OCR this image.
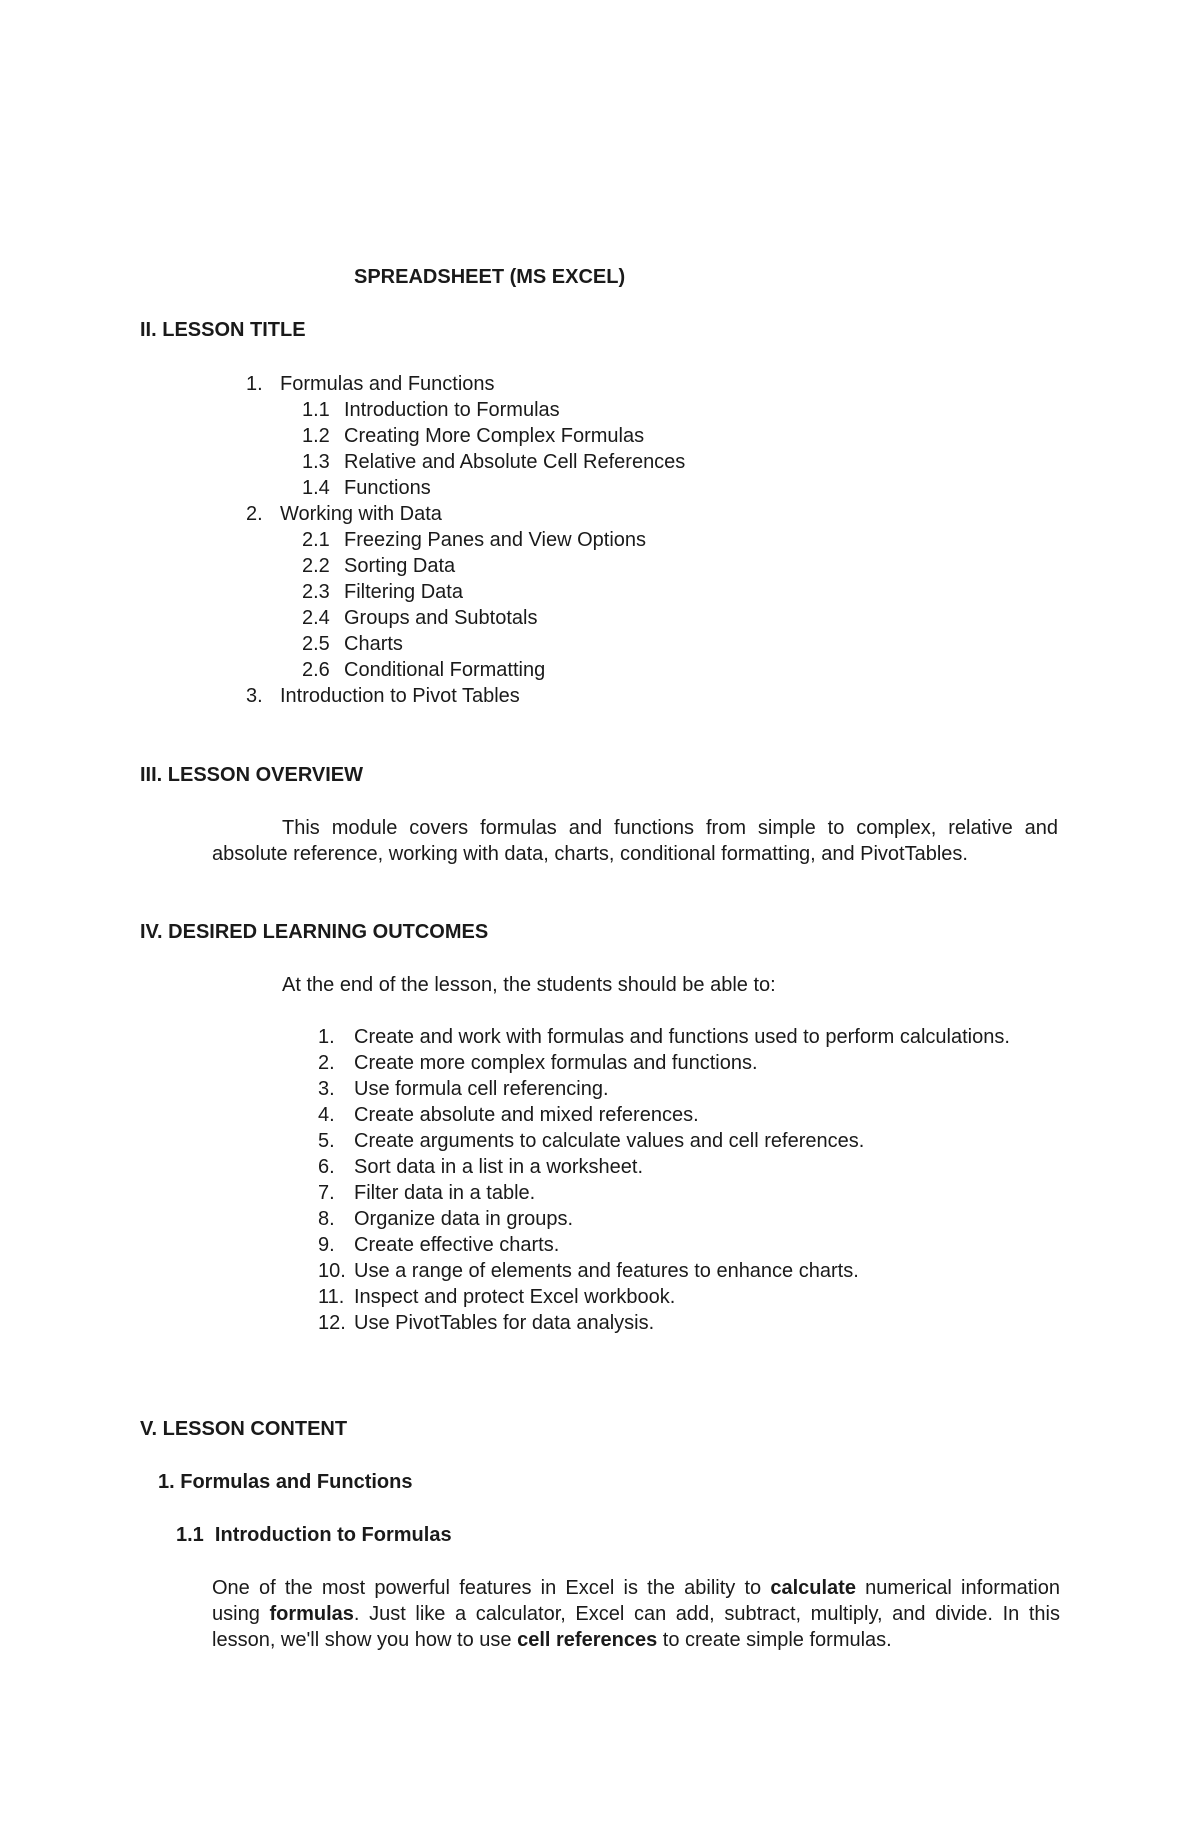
SPREADSHEET (MS EXCEL)
II. LESSON TITLE
1. Formulas and Functions
1.1 Introduction to Formulas
1.2 Creating More Complex Formulas
1.3 Relative and Absolute Cell References
1.4 Functions
2. Working with Data
2.1 Freezing Panes and View Options
2.2 Sorting Data
2.3 Filtering Data
2.4 Groups and Subtotals
2.5 Charts
2.6 Conditional Formatting
3. Introduction to Pivot Tables
III. LESSON OVERVIEW
This module covers formulas and functions from simple to complex, relative and
absolute reference, working with data, charts, conditional formatting, and PivotTables.
IV. DESIRED LEARNING OUTCOMES
At the end of the lesson, the students should be able to:
1. Create and work with formulas and functions used to perform calculations.
2. Create more complex formulas and functions.
3. Use formula cell referencing.
4. Create absolute and mixed references.
5. Create arguments to calculate values and cell references.
6. Sort data in a list in a worksheet.
7. Filter data in a table.
8. Organize data in groups.
9. Create effective charts.
10. Use a range of elements and features to enhance charts.
11. Inspect and protect Excel workbook.
12. Use PivotTables for data analysis.
V. LESSON CONTENT
1. Formulas and Functions
1.1  Introduction to Formulas
One of the most powerful features in Excel is the ability to calculate numerical information using formulas. Just like a calculator, Excel can add, subtract, multiply, and divide. In this lesson, we'll show you how to use cell references to create simple formulas.
